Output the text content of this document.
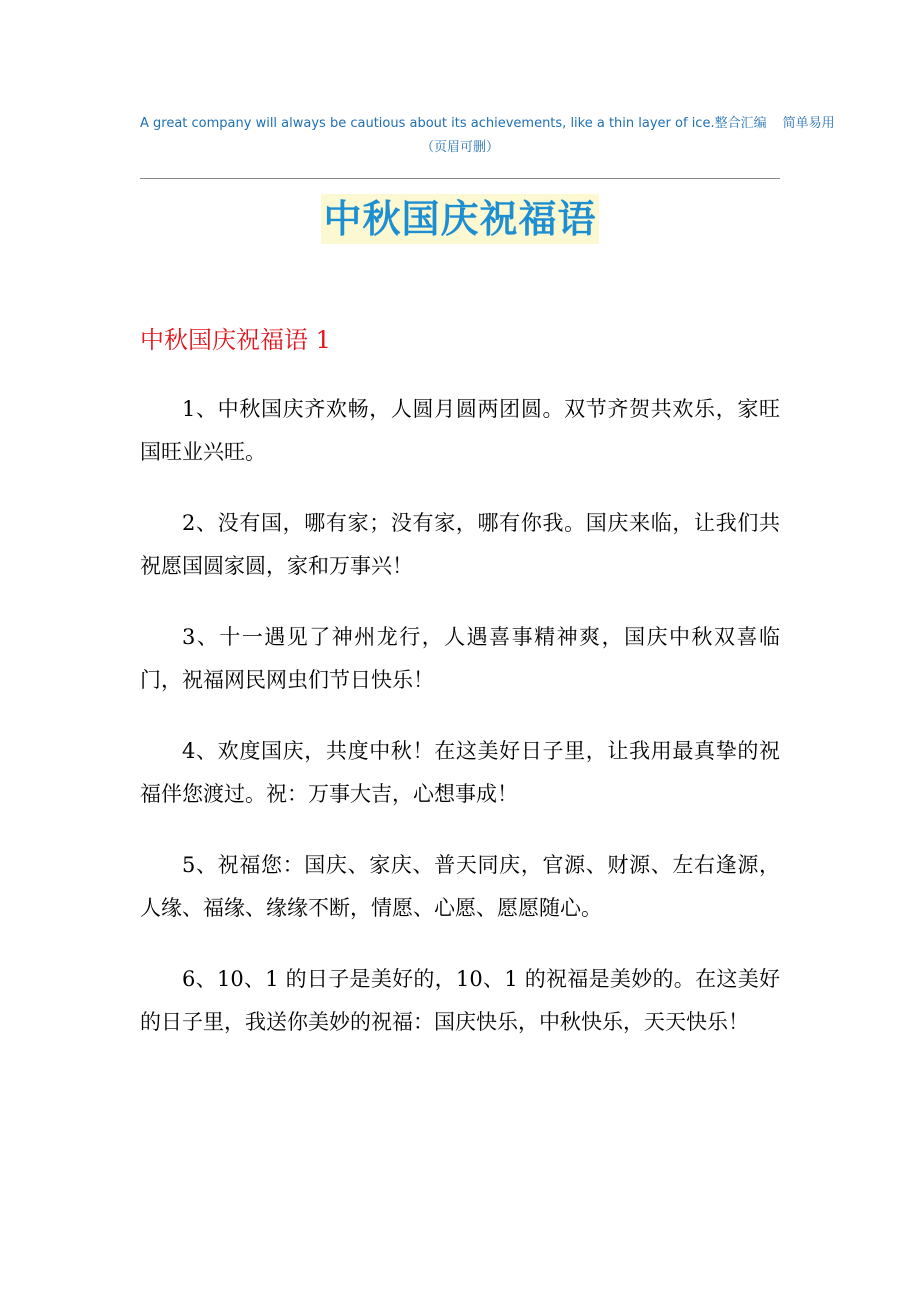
A great company will always be cautious about its achievements, like a thin layer of ice.整合汇编 简单易用
（页眉可删）
中秋国庆祝福语
中秋国庆祝福语 1

1、中秋国庆齐欢畅，人圆月圆两团圆。双节齐贺共欢乐，家旺国旺业兴旺。

2、没有国，哪有家；没有家，哪有你我。国庆来临，让我们共祝愿国圆家圆，家和万事兴！

3、十一遇见了神州龙行，人遇喜事精神爽，国庆中秋双喜临门，祝福网民网虫们节日快乐！

4、欢度国庆，共度中秋！在这美好日子里，让我用最真挚的祝福伴您渡过。祝：万事大吉，心想事成！

5、祝福您：国庆、家庆、普天同庆，官源、财源、左右逢源，人缘、福缘、缘缘不断，情愿、心愿、愿愿随心。

6、10、1 的日子是美好的，10、1 的祝福是美妙的。在这美好的日子里，我送你美妙的祝福：国庆快乐，中秋快乐，天天快乐！
